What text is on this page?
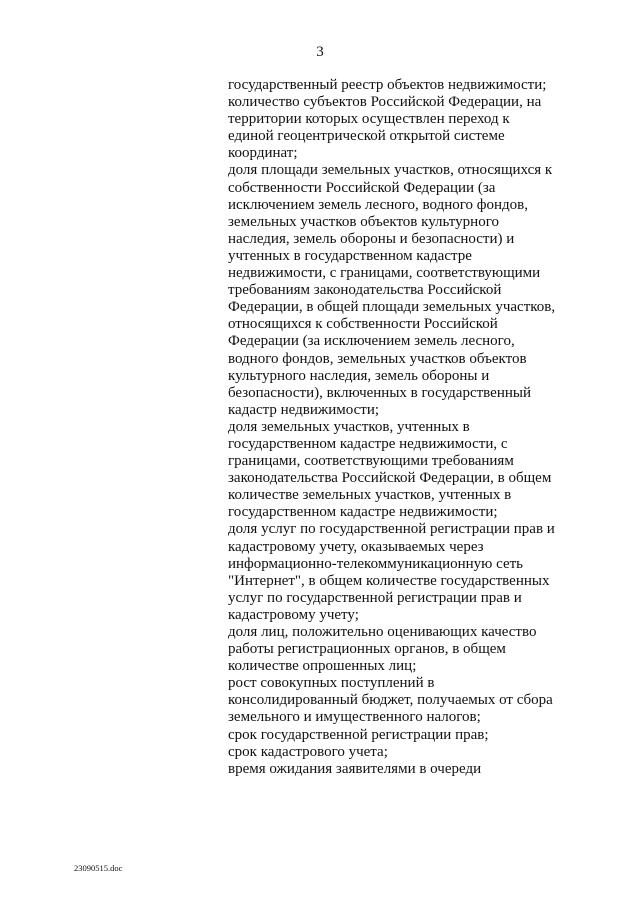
3
государственный реестр объектов недвижимости;
количество субъектов Российской Федерации, на
территории которых осуществлен переход к
единой геоцентрической открытой системе
координат;
доля площади земельных участков, относящихся к
собственности Российской Федерации (за
исключением земель лесного, водного фондов,
земельных участков объектов культурного
наследия, земель обороны и безопасности) и
учтенных в государственном кадастре
недвижимости, с границами, соответствующими
требованиям законодательства Российской
Федерации, в общей площади земельных участков,
относящихся к собственности Российской
Федерации (за исключением земель лесного,
водного фондов, земельных участков объектов
культурного наследия, земель обороны и
безопасности), включенных в государственный
кадастр недвижимости;
доля земельных участков, учтенных в
государственном кадастре недвижимости, с
границами, соответствующими требованиям
законодательства Российской Федерации, в общем
количестве земельных участков, учтенных в
государственном кадастре недвижимости;
доля услуг по государственной регистрации прав и
кадастровому учету, оказываемых через
информационно-телекоммуникационную сеть
"Интернет", в общем количестве государственных
услуг по государственной регистрации прав и
кадастровому учету;
доля лиц, положительно оценивающих качество
работы регистрационных органов, в общем
количестве опрошенных лиц;
рост совокупных поступлений в
консолидированный бюджет, получаемых от сбора
земельного и имущественного налогов;
срок государственной регистрации прав;
срок кадастрового учета;
время ожидания заявителями в очереди
23090515.doc
